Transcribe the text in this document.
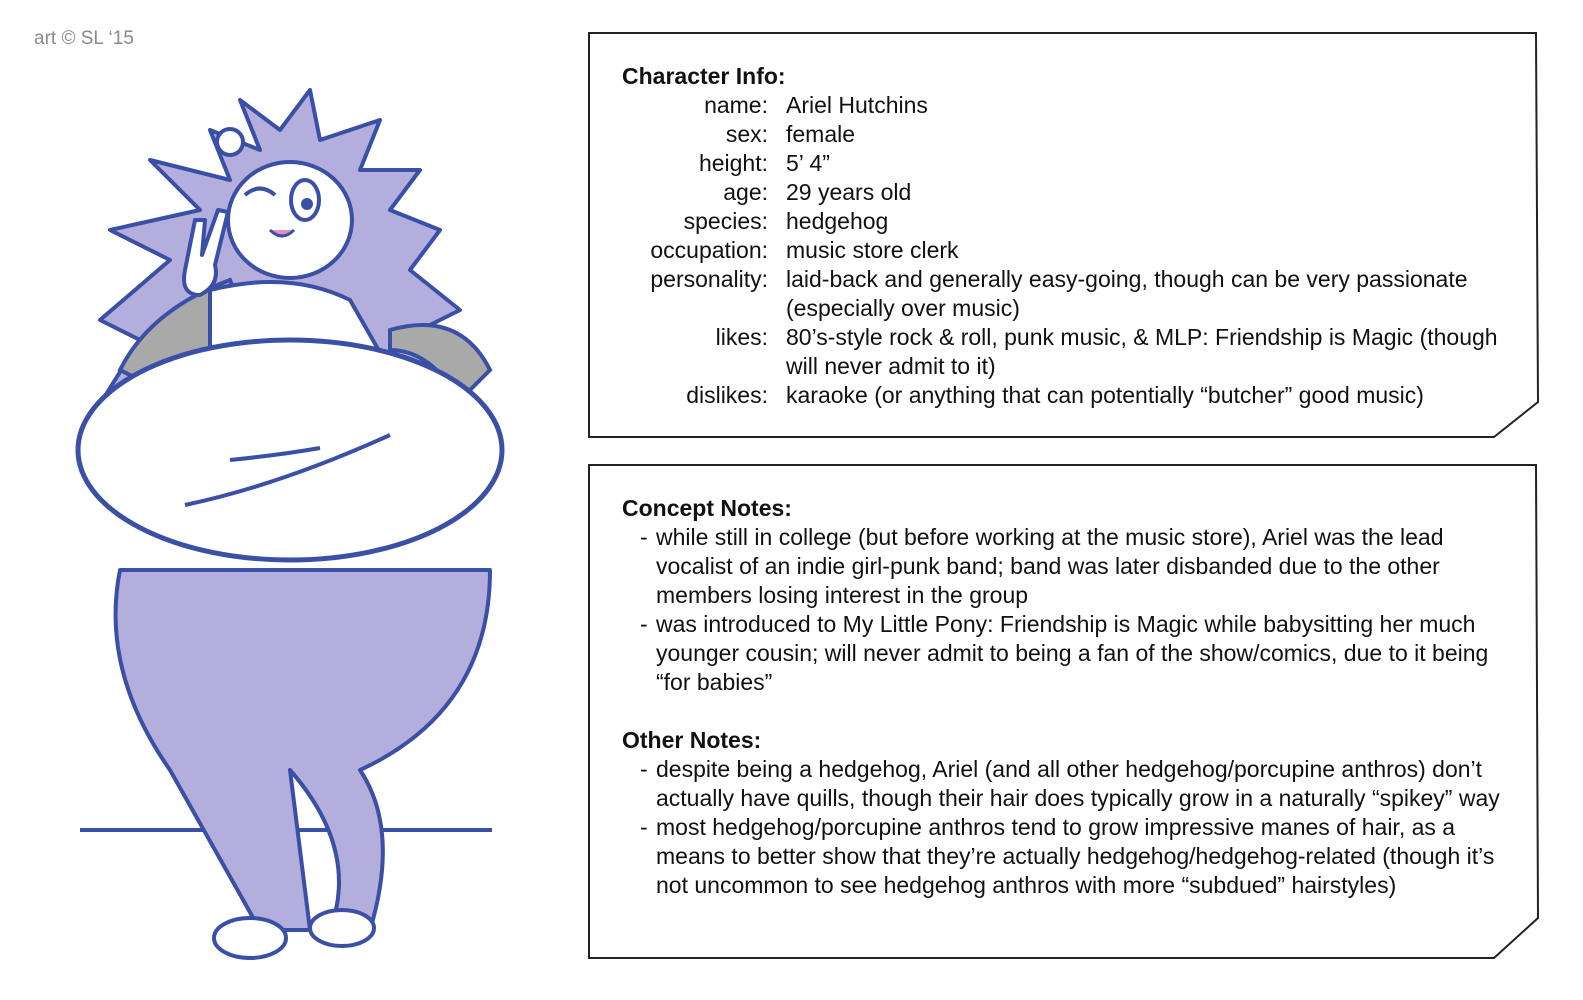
art © SL ‘15
Character Info:
name:	Ariel Hutchins
sex:	female
height:	5’ 4”
age:	29 years old
species:	hedgehog
occupation:	music store clerk
personality:	laid-back and generally easy-going, though can be very passionate (especially over music)
likes:	80’s-style rock & roll, punk music, & MLP: Friendship is Magic (though will never admit to it)
dislikes:	karaoke (or anything that can potentially “butcher” good music)
Concept Notes:
- while still in college (but before working at the music store), Ariel was the lead vocalist of an indie girl-punk band; band was later disbanded due to the other members losing interest in the group
- was introduced to My Little Pony: Friendship is Magic while babysitting her much younger cousin; will never admit to being a fan of the show/comics, due to it being “for babies”
Other Notes:
- despite being a hedgehog, Ariel (and all other hedgehog/porcupine anthros) don’t actually have quills, though their hair does typically grow in a naturally “spikey” way
- most hedgehog/porcupine anthros tend to grow impressive manes of hair, as a means to better show that they’re actually hedgehog/hedgehog-related (though it’s not uncommon to see hedgehog anthros with more “subdued” hairstyles)
